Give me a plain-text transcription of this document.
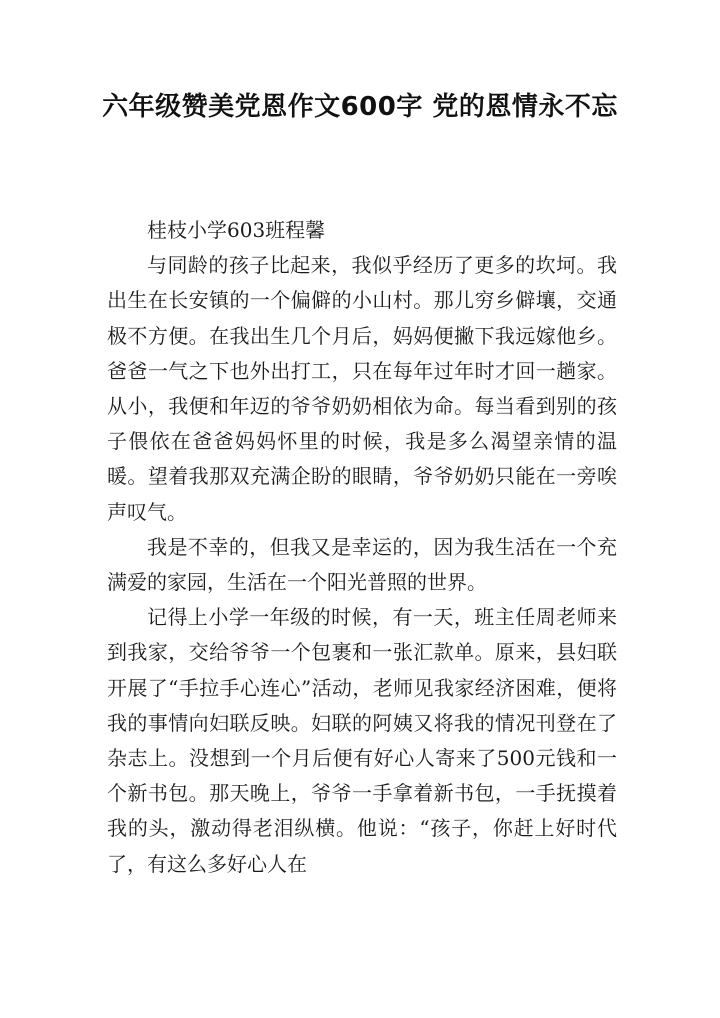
六年级赞美党恩作文600字 党的恩情永不忘

桂枝小学603班程馨

与同龄的孩子比起来，我似乎经历了更多的坎坷。我出生在长安镇的一个偏僻的小山村。那儿穷乡僻壤，交通极不方便。在我出生几个月后，妈妈便撇下我远嫁他乡。爸爸一气之下也外出打工，只在每年过年时才回一趟家。从小，我便和年迈的爷爷奶奶相依为命。每当看到别的孩子偎依在爸爸妈妈怀里的时候，我是多么渴望亲情的温暖。望着我那双充满企盼的眼睛，爷爷奶奶只能在一旁唉声叹气。

我是不幸的，但我又是幸运的，因为我生活在一个充满爱的家园，生活在一个阳光普照的世界。

记得上小学一年级的时候，有一天，班主任周老师来到我家，交给爷爷一个包裹和一张汇款单。原来，县妇联开展了“手拉手心连心”活动，老师见我家经济困难，便将我的事情向妇联反映。妇联的阿姨又将我的情况刊登在了杂志上。没想到一个月后便有好心人寄来了500元钱和一个新书包。那天晚上，爷爷一手拿着新书包，一手抚摸着我的头，激动得老泪纵横。他说：“孩子，你赶上好时代了，有这么多好心人在
